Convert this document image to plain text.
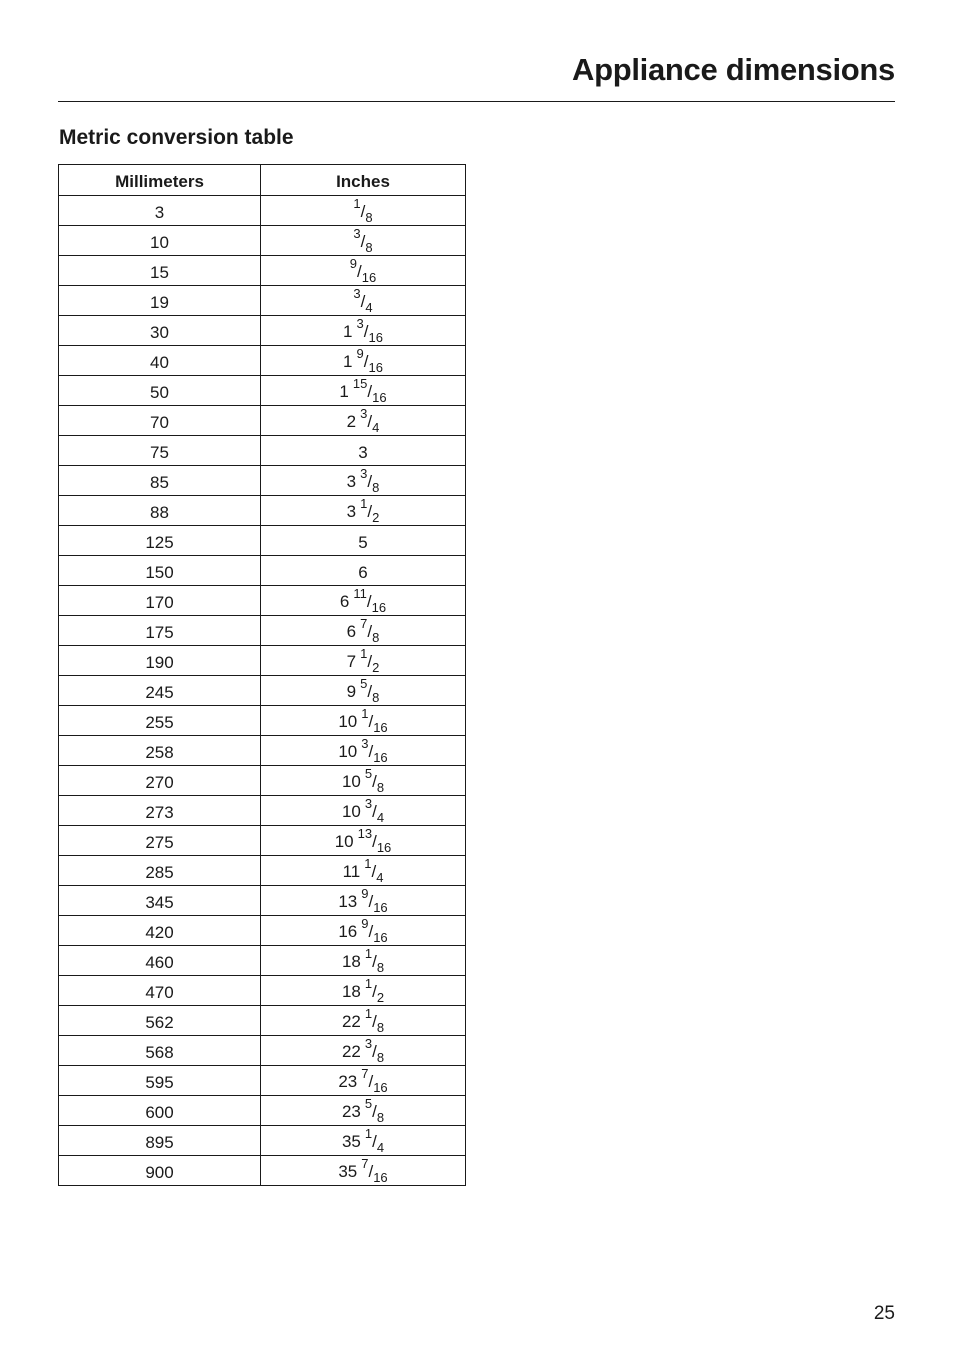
Appliance dimensions
Metric conversion table
Millimeters	Inches
3	$^1/_8$
10	$^3/_8$
15	$^9/_{16}$
19	$^3/_4$
30	1 $^3/_{16}$
40	1 $^9/_{16}$
50	1 $^{15}/_{16}$
70	2 $^3/_4$
75	3
85	3 $^3/_8$
88	3 $^1/_2$
125	5
150	6
170	6 $^{11}/_{16}$
175	6 $^7/_8$
190	7 $^1/_2$
245	9 $^5/_8$
255	10 $^1/_{16}$
258	10 $^3/_{16}$
270	10 $^5/_8$
273	10 $^3/_4$
275	10 $^{13}/_{16}$
285	11 $^1/_4$
345	13 $^9/_{16}$
420	16 $^9/_{16}$
460	18 $^1/_8$
470	18 $^1/_2$
562	22 $^1/_8$
568	22 $^3/_8$
595	23 $^7/_{16}$
600	23 $^5/_8$
895	35 $^1/_4$
900	35 $^7/_{16}$
25
